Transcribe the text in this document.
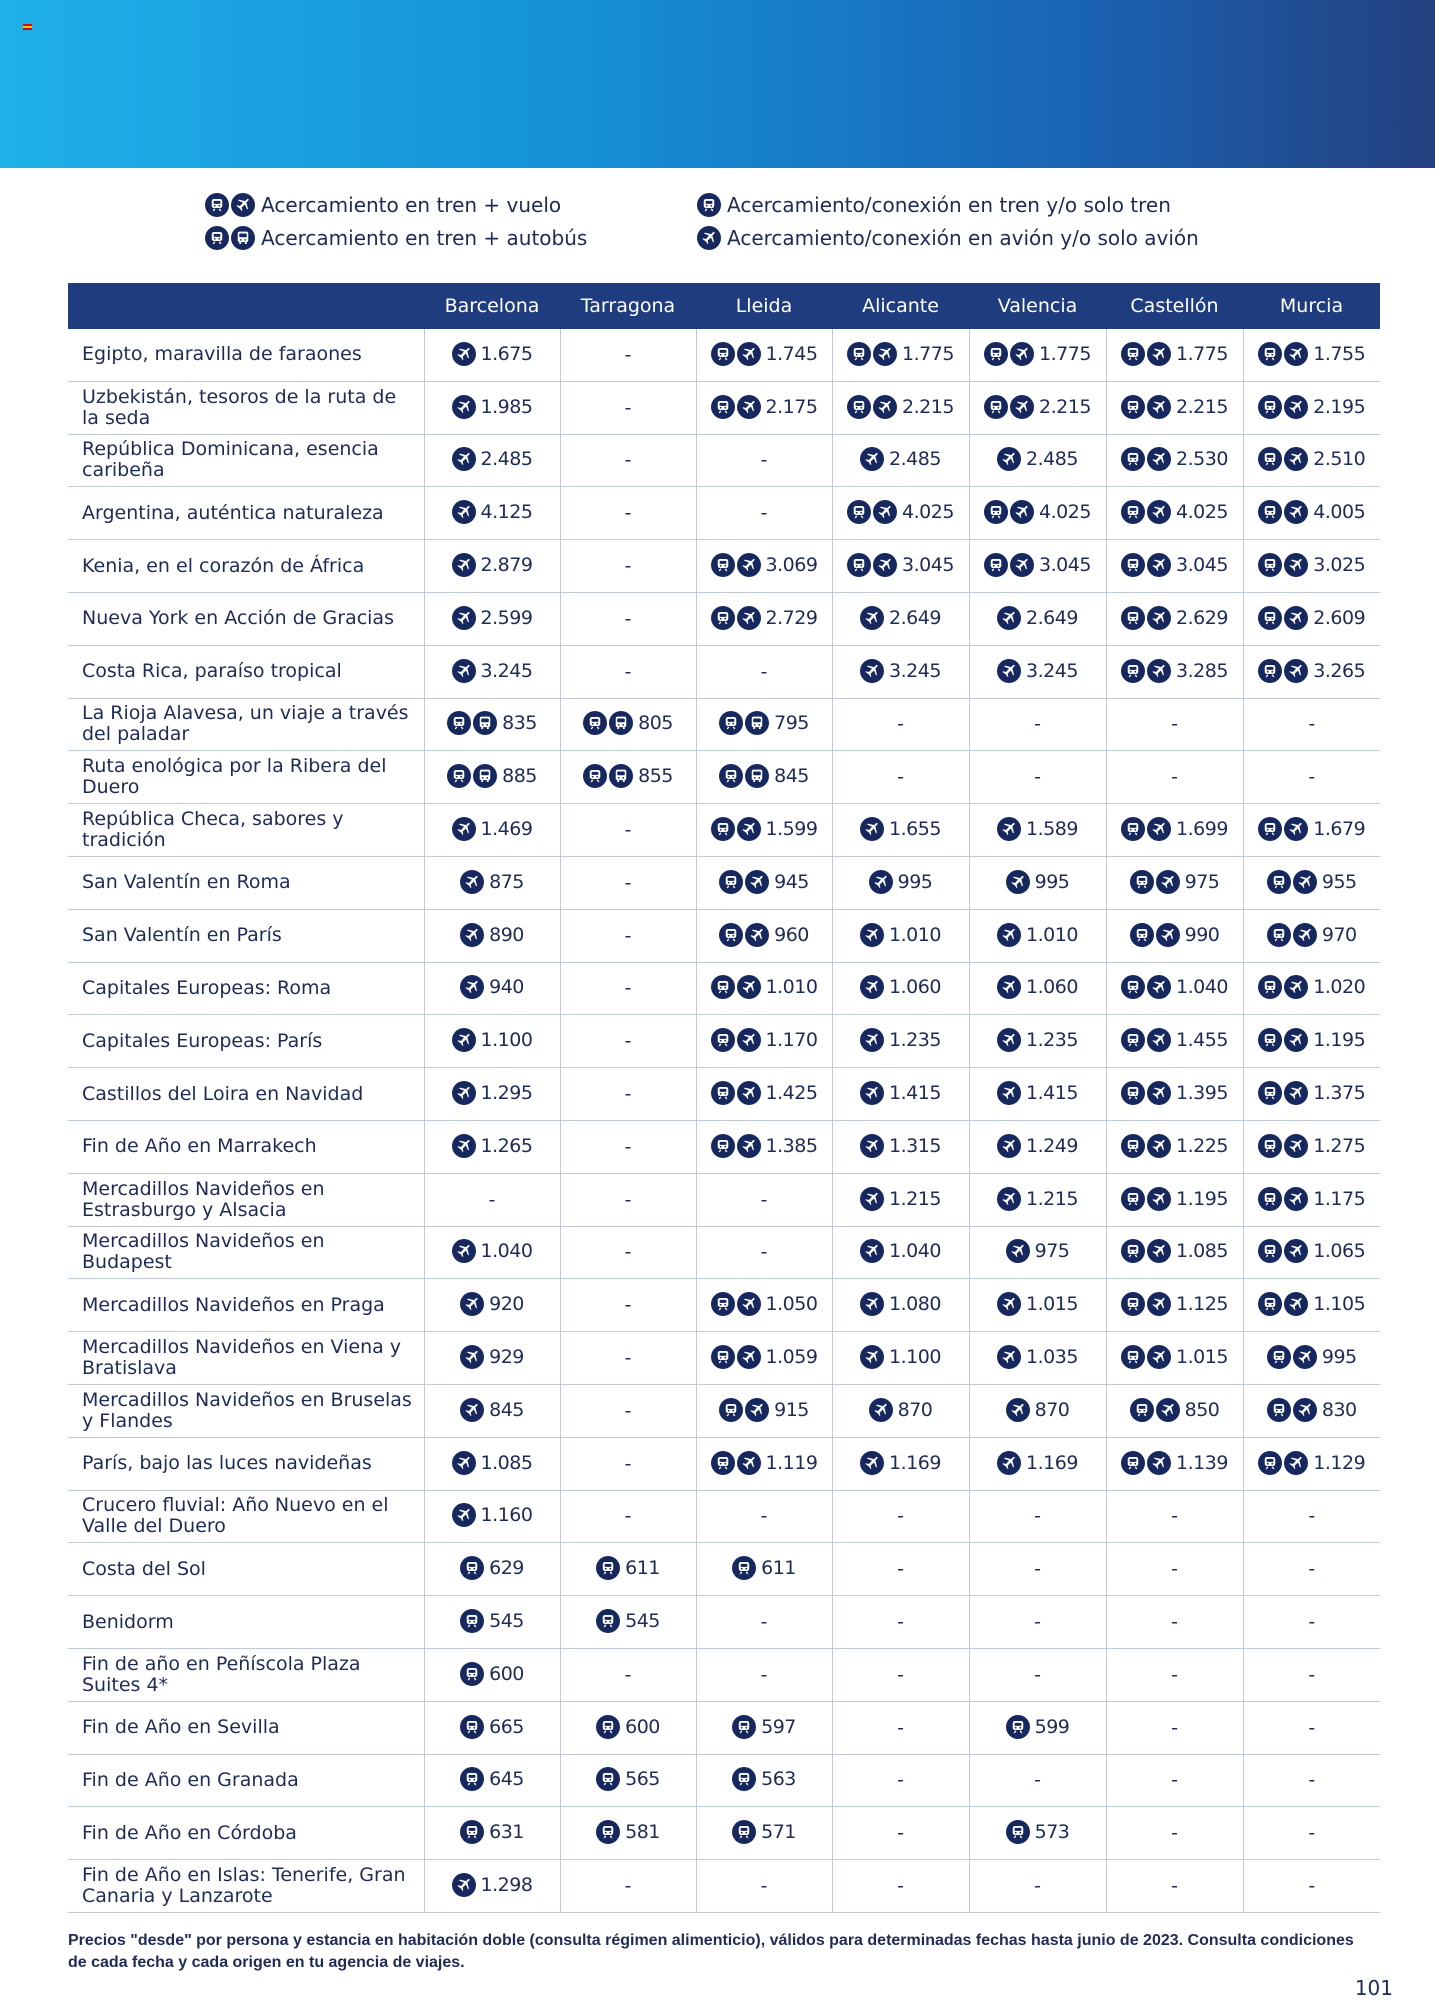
Acercamiento en tren + vuelo
Acercamiento en tren + autobús
Acercamiento/conexión en tren y/o solo tren
Acercamiento/conexión en avión y/o solo avión
	Barcelona	Tarragona	Lleida	Alicante	Valencia	Castellón	Murcia
Egipto, maravilla de faraones	1.675	-	1.745	1.775	1.775	1.775	1.755

Uzbekistán, tesoros de la ruta de la seda	1.985	-	2.175	2.215	2.215	2.215	2.195

República Dominicana, esencia caribeña	2.485	-	-	2.485	2.485	2.530	2.510

Argentina, auténtica naturaleza	4.125	-	-	4.025	4.025	4.025	4.005

Kenia, en el corazón de África	2.879	-	3.069	3.045	3.045	3.045	3.025

Nueva York en Acción de Gracias	2.599	-	2.729	2.649	2.649	2.629	2.609

Costa Rica, paraíso tropical	3.245	-	-	3.245	3.245	3.285	3.265

La Rioja Alavesa, un viaje a través del paladar	835	805	795	-	-	-	-
Ruta enológica por la Ribera del Duero	885	855	845	-	-	-	-
República Checa, sabores y tradición	1.469	-	1.599	1.655	1.589	1.699	1.679

San Valentín en Roma	875	-	945	995	995	975	955

San Valentín en París	890	-	960	1.010	1.010	990	970

Capitales Europeas: Roma	940	-	1.010	1.060	1.060	1.040	1.020

Capitales Europeas: París	1.100	-	1.170	1.235	1.235	1.455	1.195

Castillos del Loira en Navidad	1.295	-	1.425	1.415	1.415	1.395	1.375

Fin de Año en Marrakech	1.265	-	1.385	1.315	1.249	1.225	1.275

Mercadillos Navideños en Estrasburgo y Alsacia	-	-	-	1.215	1.215	1.195	1.175

Mercadillos Navideños en Budapest	1.040	-	-	1.040	975	1.085	1.065

Mercadillos Navideños en Praga	920	-	1.050	1.080	1.015	1.125	1.105

Mercadillos Navideños en Viena y Bratislava	929	-	1.059	1.100	1.035	1.015	995

Mercadillos Navideños en Bruselas y Flandes	845	-	915	870	870	850	830

París, bajo las luces navideñas	1.085	-	1.119	1.169	1.169	1.139	1.129

Crucero fluvial: Año Nuevo en el Valle del Duero	1.160	-	-	-	-	-	-
Costa del Sol	629	611	611	-	-	-	-
Benidorm	545	545	-	-	-	-	-
Fin de año en Peñíscola Plaza Suites 4*	600	-	-	-	-	-	-
Fin de Año en Sevilla	665	600	597	-	599	-	-
Fin de Año en Granada	645	565	563	-	-	-	-
Fin de Año en Córdoba	631	581	571	-	573	-	-
Fin de Año en Islas: Tenerife, Gran Canaria y Lanzarote	1.298	-	-	-	-	-	-
Precios "desde" por persona y estancia en habitación doble (consulta régimen alimenticio), válidos para determinadas fechas hasta junio de 2023. Consulta condiciones de cada fecha y cada origen en tu agencia de viajes.
101
